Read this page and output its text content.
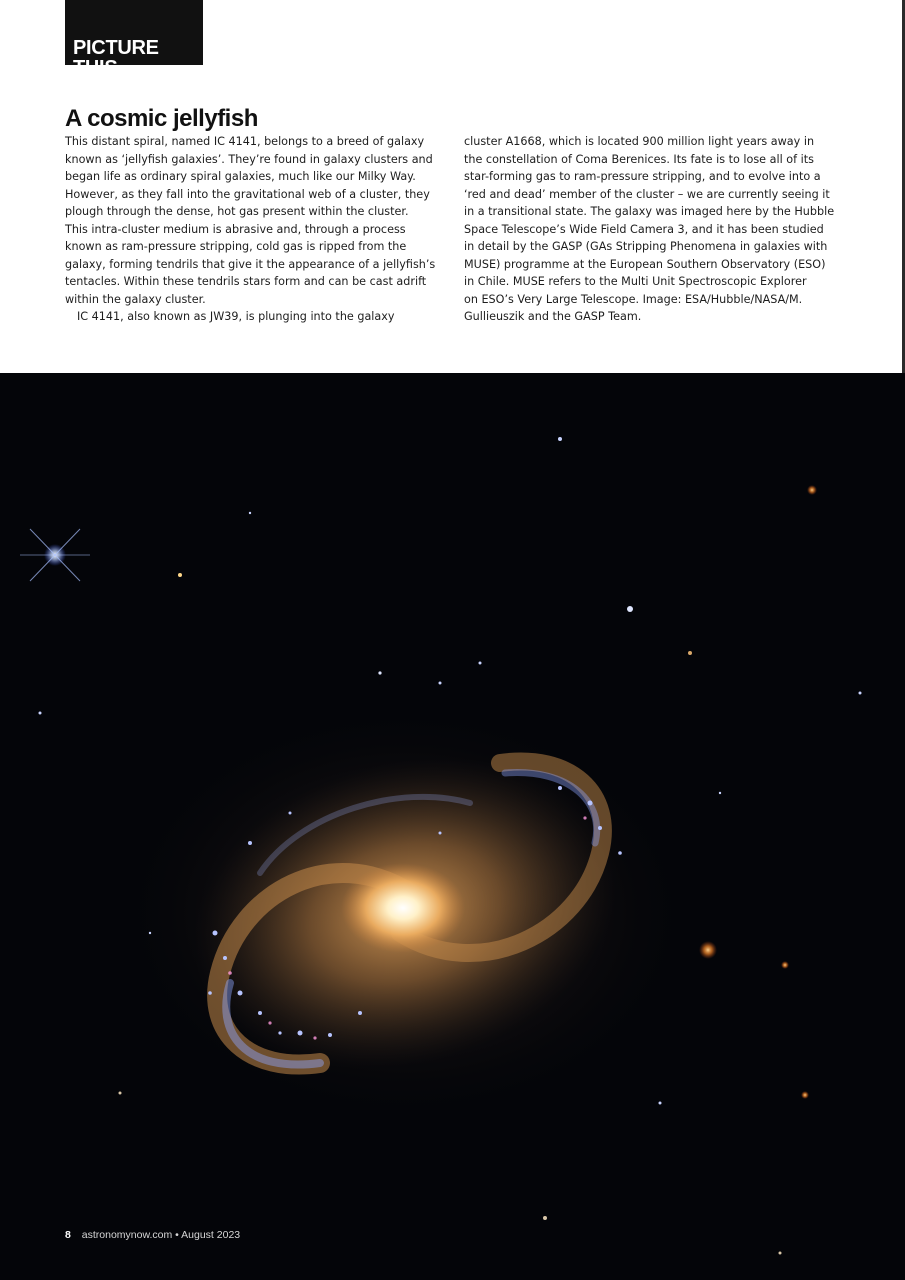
PICTURE THIS
A cosmic jellyfish

This distant spiral, named IC 4141, belongs to a breed of galaxy

known as ‘jellyfish galaxies’. They’re found in galaxy clusters and

began life as ordinary spiral galaxies, much like our Milky Way.

However, as they fall into the gravitational web of a cluster, they

plough through the dense, hot gas present within the cluster.

This intra-cluster medium is abrasive and, through a process

known as ram-pressure stripping, cold gas is ripped from the

galaxy, forming tendrils that give it the appearance of a jellyfish’s

tentacles. Within these tendrils stars form and can be cast adrift

within the galaxy cluster.

IC 4141, also known as JW39, is plunging into the galaxy

cluster A1668, which is located 900 million light years away in

the constellation of Coma Berenices. Its fate is to lose all of its

star-forming gas to ram-pressure stripping, and to evolve into a

‘red and dead’ member of the cluster – we are currently seeing it

in a transitional state. The galaxy was imaged here by the Hubble

Space Telescope’s Wide Field Camera 3, and it has been studied

in detail by the GASP (GAs Stripping Phenomena in galaxies with

MUSE) programme at the European Southern Observatory (ESO)

in Chile. MUSE refers to the Multi Unit Spectroscopic Explorer

on ESO’s Very Large Telescope. Image: ESA/Hubble/NASA/M.

Gullieuszik and the GASP Team.

8 astronomynow.com • August 2023
